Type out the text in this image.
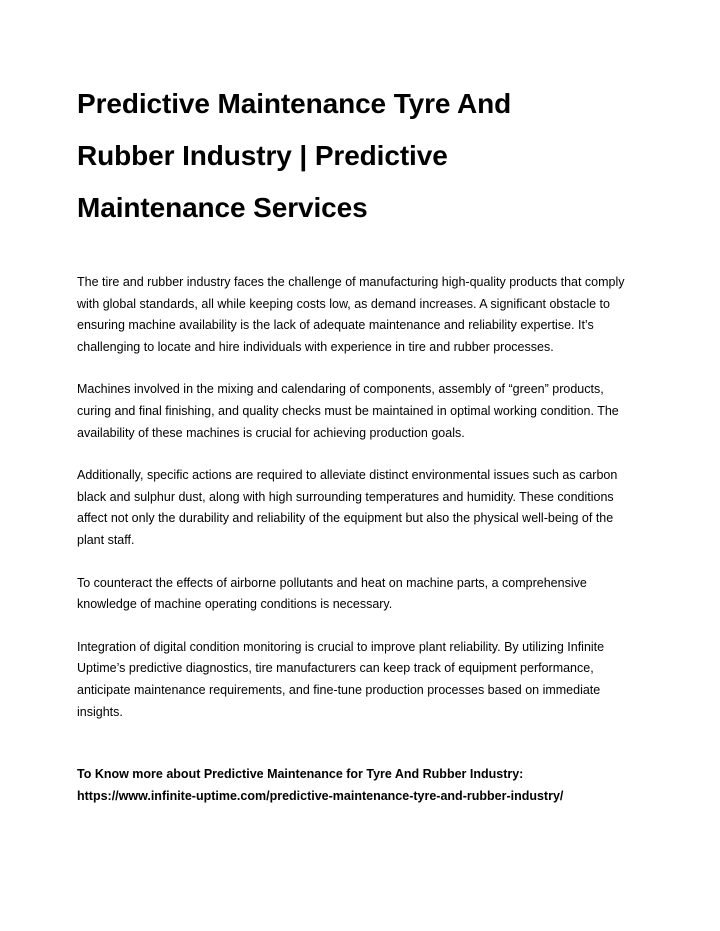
Predictive Maintenance Tyre And
Rubber Industry | Predictive
Maintenance Services

The tire and rubber industry faces the challenge of manufacturing high-quality products that comply with global standards, all while keeping costs low, as demand increases. A significant obstacle to ensuring machine availability is the lack of adequate maintenance and reliability expertise. It’s challenging to locate and hire individuals with experience in tire and rubber processes.

Machines involved in the mixing and calendaring of components, assembly of “green” products, curing and final finishing, and quality checks must be maintained in optimal working condition. The availability of these machines is crucial for achieving production goals.

Additionally, specific actions are required to alleviate distinct environmental issues such as carbon black and sulphur dust, along with high surrounding temperatures and humidity. These conditions affect not only the durability and reliability of the equipment but also the physical well-being of the plant staff.

To counteract the effects of airborne pollutants and heat on machine parts, a comprehensive knowledge of machine operating conditions is necessary.

Integration of digital condition monitoring is crucial to improve plant reliability. By utilizing Infinite Uptime’s predictive diagnostics, tire manufacturers can keep track of equipment performance, anticipate maintenance requirements, and fine-tune production processes based on immediate insights.

To Know more about Predictive Maintenance for Tyre And Rubber Industry:

https://www.infinite-uptime.com/predictive-maintenance-tyre-and-rubber-industry/
